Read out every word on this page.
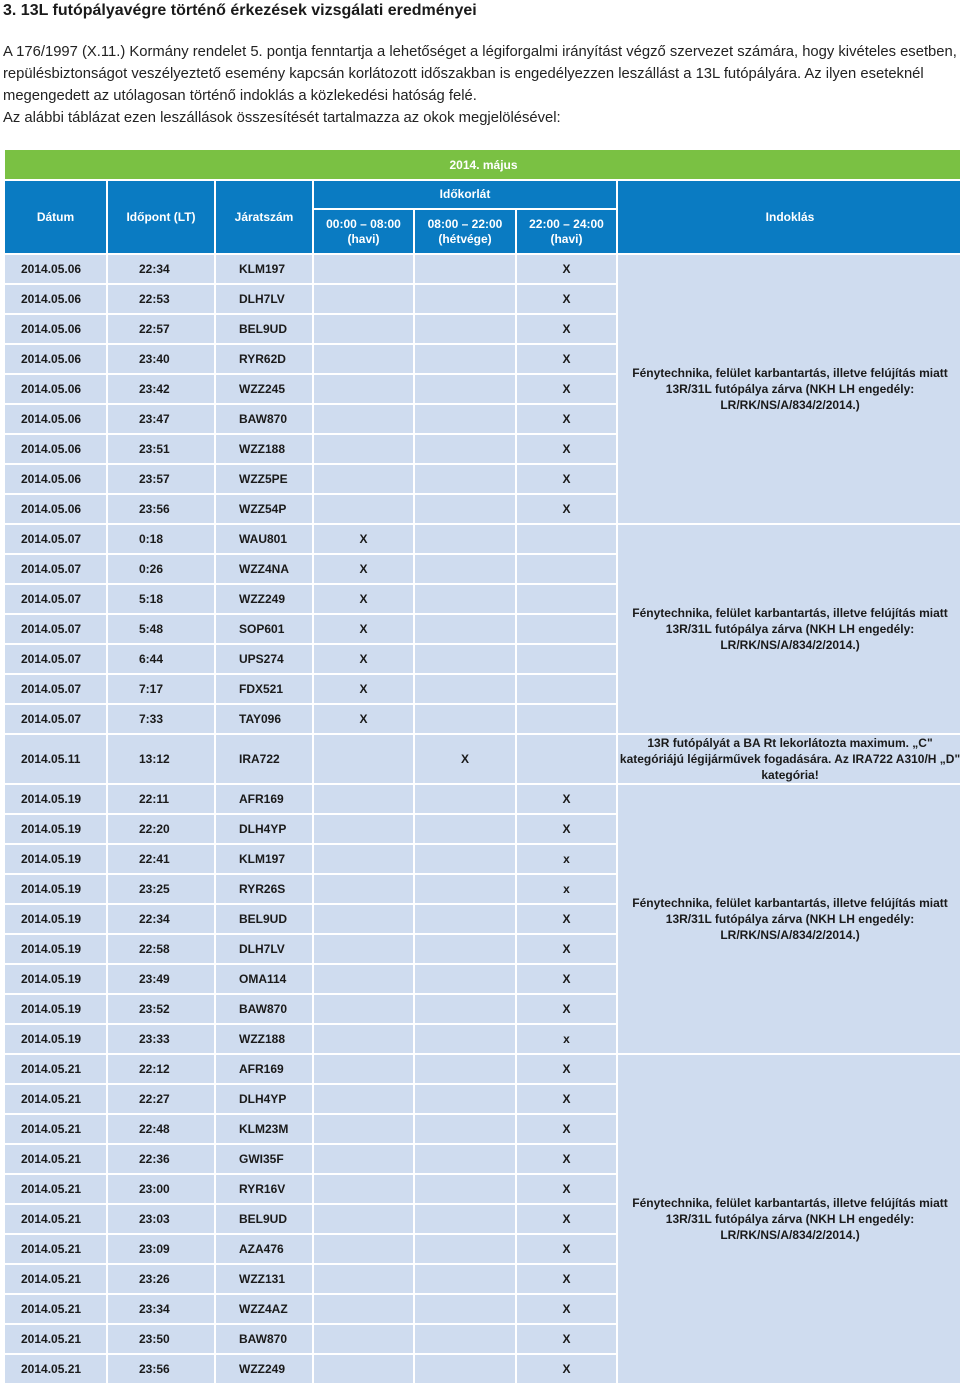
3. 13L futópályavégre történő érkezések vizsgálati eredményei

A 176/1997 (X.11.) Kormány rendelet 5. pontja fenntartja a lehetőséget a légiforgalmi irányítást végző szervezet számára, hogy kivételes esetben, repülésbiztonságot veszélyeztető esemény kapcsán korlátozott időszakban is engedélyezzen leszállást a 13L futópályára. Az ilyen eseteknél megengedett az utólagosan történő indoklás a közlekedési hatóság felé.

Az alábbi táblázat ezen leszállások összesítését tartalmazza az okok megjelölésével:

2014. május						
Dátum	Időpont (LT)	Járatszám	Időkorlát			Indoklás
			00:00 – 08:00 (havi)	08:00 – 22:00 (hétvége)	22:00 – 24:00 (havi)	
2014.05.06	22:34	KLM197			X	Fénytechnika, felület karbantartás, illetve felújítás miatt 13R/31L futópálya zárva (NKH LH engedély: LR/RK/NS/A/834/2/2014.)
2014.05.06	22:53	DLH7LV			X	
2014.05.06	22:57	BEL9UD			X	
2014.05.06	23:40	RYR62D			X	
2014.05.06	23:42	WZZ245			X	
2014.05.06	23:47	BAW870			X	
2014.05.06	23:51	WZZ188			X	
2014.05.06	23:57	WZZ5PE			X	
2014.05.06	23:56	WZZ54P			X	
2014.05.07	0:18	WAU801	X			Fénytechnika, felület karbantartás, illetve felújítás miatt 13R/31L futópálya zárva (NKH LH engedély: LR/RK/NS/A/834/2/2014.)
2014.05.07	0:26	WZZ4NA	X			
2014.05.07	5:18	WZZ249	X			
2014.05.07	5:48	SOP601	X			
2014.05.07	6:44	UPS274	X			
2014.05.07	7:17	FDX521	X			
2014.05.07	7:33	TAY096	X			
2014.05.11	13:12	IRA722		X		13R futópályát a BA Rt lekorlátozta maximum. „C" kategóriájú légijárművek fogadására. Az IRA722 A310/H „D" kategória!
2014.05.19	22:11	AFR169			X	Fénytechnika, felület karbantartás, illetve felújítás miatt 13R/31L futópálya zárva (NKH LH engedély: LR/RK/NS/A/834/2/2014.)
2014.05.19	22:20	DLH4YP			X	
2014.05.19	22:41	KLM197			x	
2014.05.19	23:25	RYR26S			x	
2014.05.19	22:34	BEL9UD			X	
2014.05.19	22:58	DLH7LV			X	
2014.05.19	23:49	OMA114			X	
2014.05.19	23:52	BAW870			X	
2014.05.19	23:33	WZZ188			x	
2014.05.21	22:12	AFR169			X	Fénytechnika, felület karbantartás, illetve felújítás miatt 13R/31L futópálya zárva (NKH LH engedély: LR/RK/NS/A/834/2/2014.)
2014.05.21	22:27	DLH4YP			X	
2014.05.21	22:48	KLM23M			X	
2014.05.21	22:36	GWI35F			X	
2014.05.21	23:00	RYR16V			X	
2014.05.21	23:03	BEL9UD			X	
2014.05.21	23:09	AZA476			X	
2014.05.21	23:26	WZZ131			X	
2014.05.21	23:34	WZZ4AZ			X	
2014.05.21	23:50	BAW870			X	
2014.05.21	23:56	WZZ249			X	
